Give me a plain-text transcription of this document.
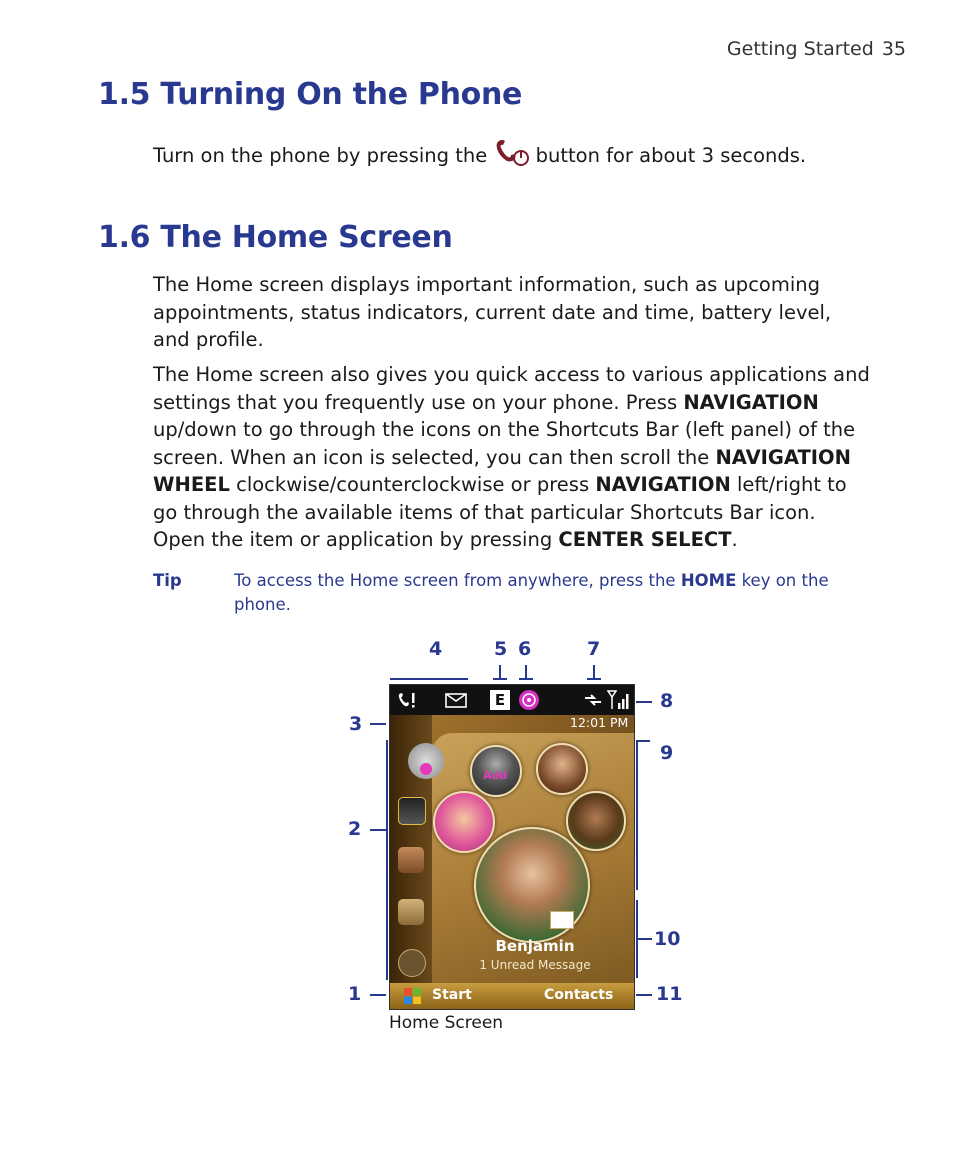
Getting Started 35
1.5 Turning On the Phone

Turn on the phone by pressing the button for about 3 seconds.

1.6 The Home Screen

The Home screen displays important information, such as upcoming appointments, status indicators, current date and time, battery level, and profile.

The Home screen also gives you quick access to various applications and settings that you frequently use on your phone. Press NAVIGATION up/down to go through the icons on the Shortcuts Bar (left panel) of the screen. When an icon is selected, you can then scroll the NAVIGATION WHEEL clockwise/counterclockwise or press NAVIGATION left/right to go through the available items of that particular Shortcuts Bar icon. Open the item or application by pressing CENTER SELECT.

Tip	To access the Home screen from anywhere, press the HOME key on the phone.
1
2
3
4	5 6	7
8
9
10
11
E
12:01 PM
Add
Benjamin
1 Unread Message
Start	Contacts
Home Screen
